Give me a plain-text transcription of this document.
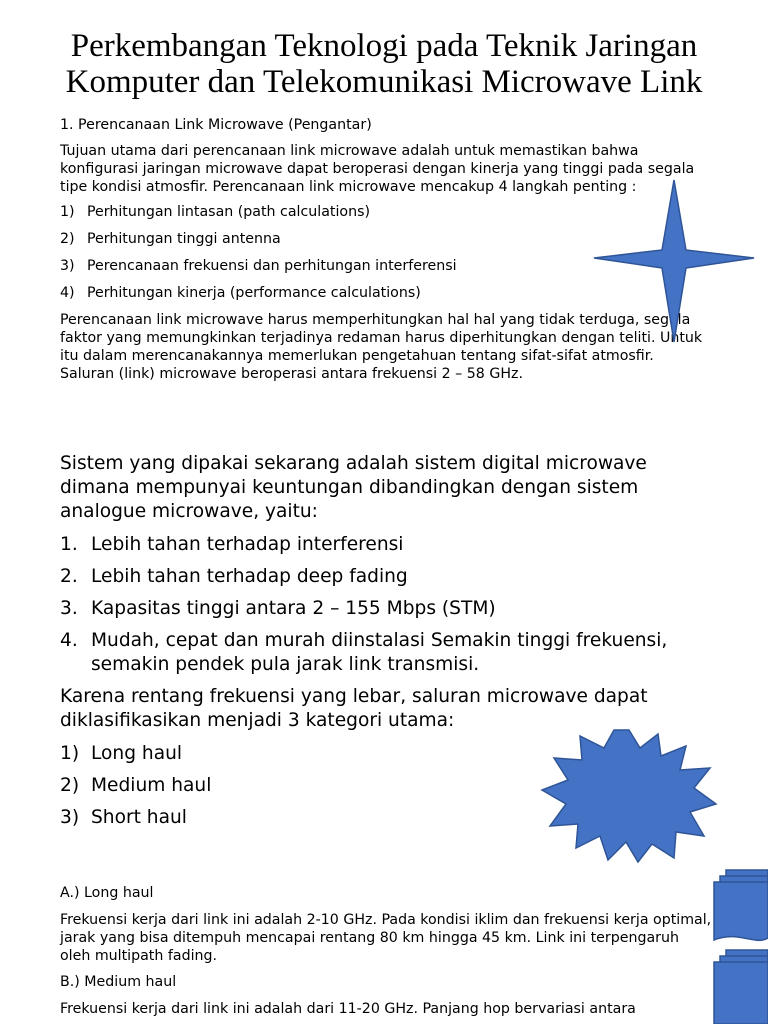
Perkembangan Teknologi pada Teknik Jaringan
Komputer dan Telekomunikasi Microwave Link

1. Perencanaan Link Microwave (Pengantar)

Tujuan utama dari perencanaan link microwave adalah untuk memastikan bahwa konfigurasi jaringan microwave dapat beroperasi dengan kinerja yang tinggi pada segala tipe kondisi atmosfir. Perencanaan link microwave mencakup 4 langkah penting :

1) Perhitungan lintasan (path calculations)
2) Perhitungan tinggi antenna
3) Perencanaan frekuensi dan perhitungan interferensi
4) Perhitungan kinerja (performance calculations)

Perencanaan link microwave harus memperhitungkan hal hal yang tidak terduga, segala faktor yang memungkinkan terjadinya redaman harus diperhitungkan dengan teliti. Untuk itu dalam merencanakannya memerlukan pengetahuan tentang sifat-sifat atmosfir. Saluran (link) microwave beroperasi antara frekuensi 2 – 58 GHz.

Sistem yang dipakai sekarang adalah sistem digital microwave dimana mempunyai keuntungan dibandingkan dengan sistem analogue microwave, yaitu:

1. Lebih tahan terhadap interferensi
2. Lebih tahan terhadap deep fading
3. Kapasitas tinggi antara 2 – 155 Mbps (STM)
4. Mudah, cepat dan murah diinstalasi Semakin tinggi frekuensi, semakin pendek pula jarak link transmisi.

Karena rentang frekuensi yang lebar, saluran microwave dapat diklasifikasikan menjadi 3 kategori utama:

1) Long haul
2) Medium haul
3) Short haul

A.) Long haul

Frekuensi kerja dari link ini adalah 2-10 GHz. Pada kondisi iklim dan frekuensi kerja optimal, jarak yang bisa ditempuh mencapai rentang 80 km hingga 45 km. Link ini terpengaruh oleh multipath fading.

B.) Medium haul

Frekuensi kerja dari link ini adalah dari 11-20 GHz. Panjang hop bervariasi antara
